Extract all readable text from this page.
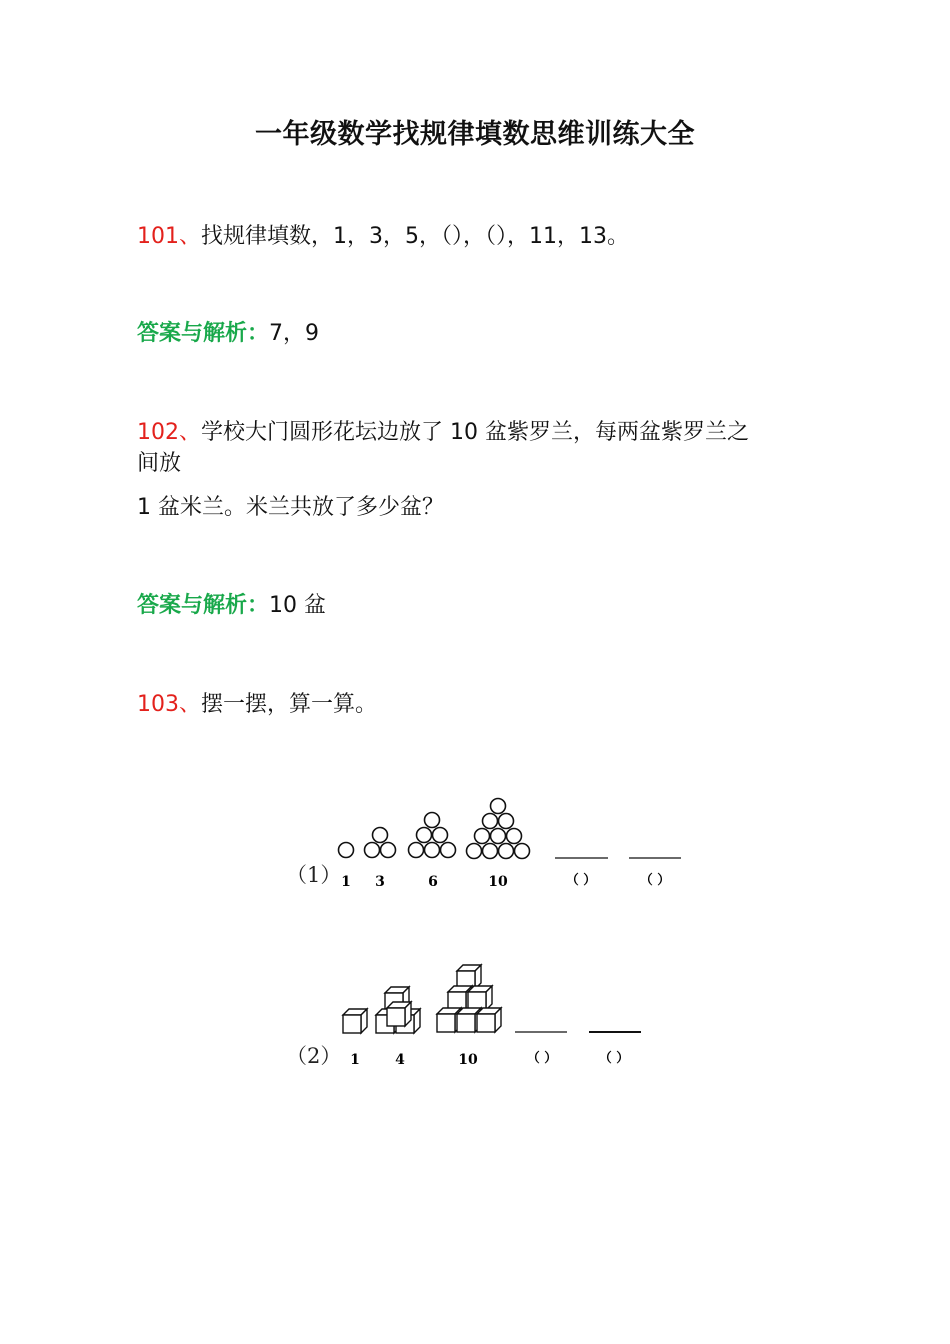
一年级数学找规律填数思维训练大全
101、找规律填数，1，3，5，（），（），11，13。
答案与解析：7，9
102、学校大门圆形花坛边放了 10 盆紫罗兰，每两盆紫罗兰之
间放
1 盆米兰。米兰共放了多少盆？
答案与解析：10 盆
103、摆一摆，算一算。
（1） 1 3	6	10	（ ）	（ ）
（2） 1	4	10	（ ）	（ ）
